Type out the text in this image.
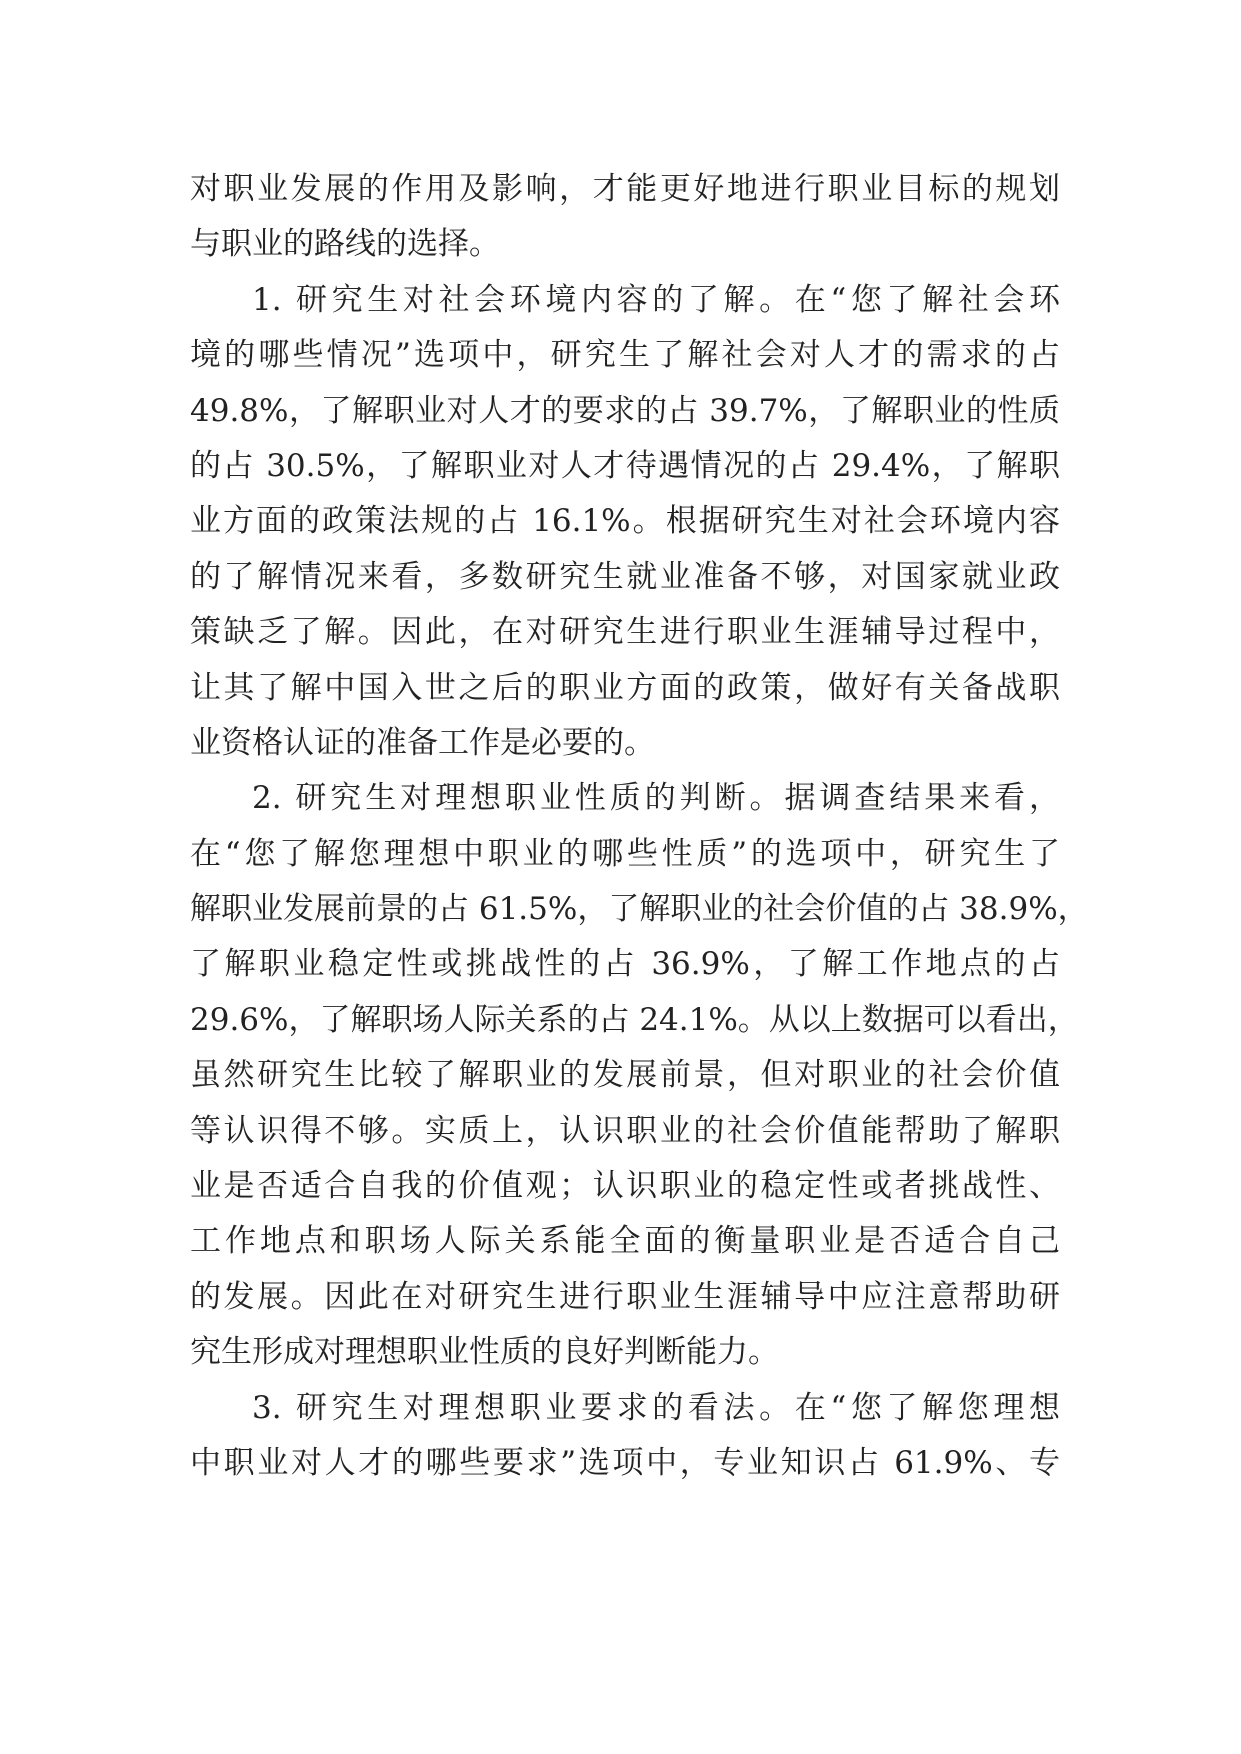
对职业发展的作用及影响，才能更好地进行职业目标的规划
与职业的路线的选择。
1. 研究生对社会环境内容的了解。在“您了解社会环
境的哪些情况”选项中，研究生了解社会对人才的需求的占
49.8%，了解职业对人才的要求的占 39.7%，了解职业的性质
的占 30.5%，了解职业对人才待遇情况的占 29.4%，了解职
业方面的政策法规的占 16.1%。根据研究生对社会环境内容
的了解情况来看，多数研究生就业准备不够，对国家就业政
策缺乏了解。因此，在对研究生进行职业生涯辅导过程中，
让其了解中国入世之后的职业方面的政策，做好有关备战职
业资格认证的准备工作是必要的。
2. 研究生对理想职业性质的判断。据调查结果来看，
在“您了解您理想中职业的哪些性质”的选项中，研究生了
解职业发展前景的占 61.5%，了解职业的社会价值的占 38.9%，
了解职业稳定性或挑战性的占 36.9%，了解工作地点的占
29.6%，了解职场人际关系的占 24.1%。从以上数据可以看出，
虽然研究生比较了解职业的发展前景，但对职业的社会价值
等认识得不够。实质上，认识职业的社会价值能帮助了解职
业是否适合自我的价值观；认识职业的稳定性或者挑战性、
工作地点和职场人际关系能全面的衡量职业是否适合自己
的发展。因此在对研究生进行职业生涯辅导中应注意帮助研
究生形成对理想职业性质的良好判断能力。
3. 研究生对理想职业要求的看法。在“您了解您理想
中职业对人才的哪些要求”选项中，专业知识占 61.9%、专
